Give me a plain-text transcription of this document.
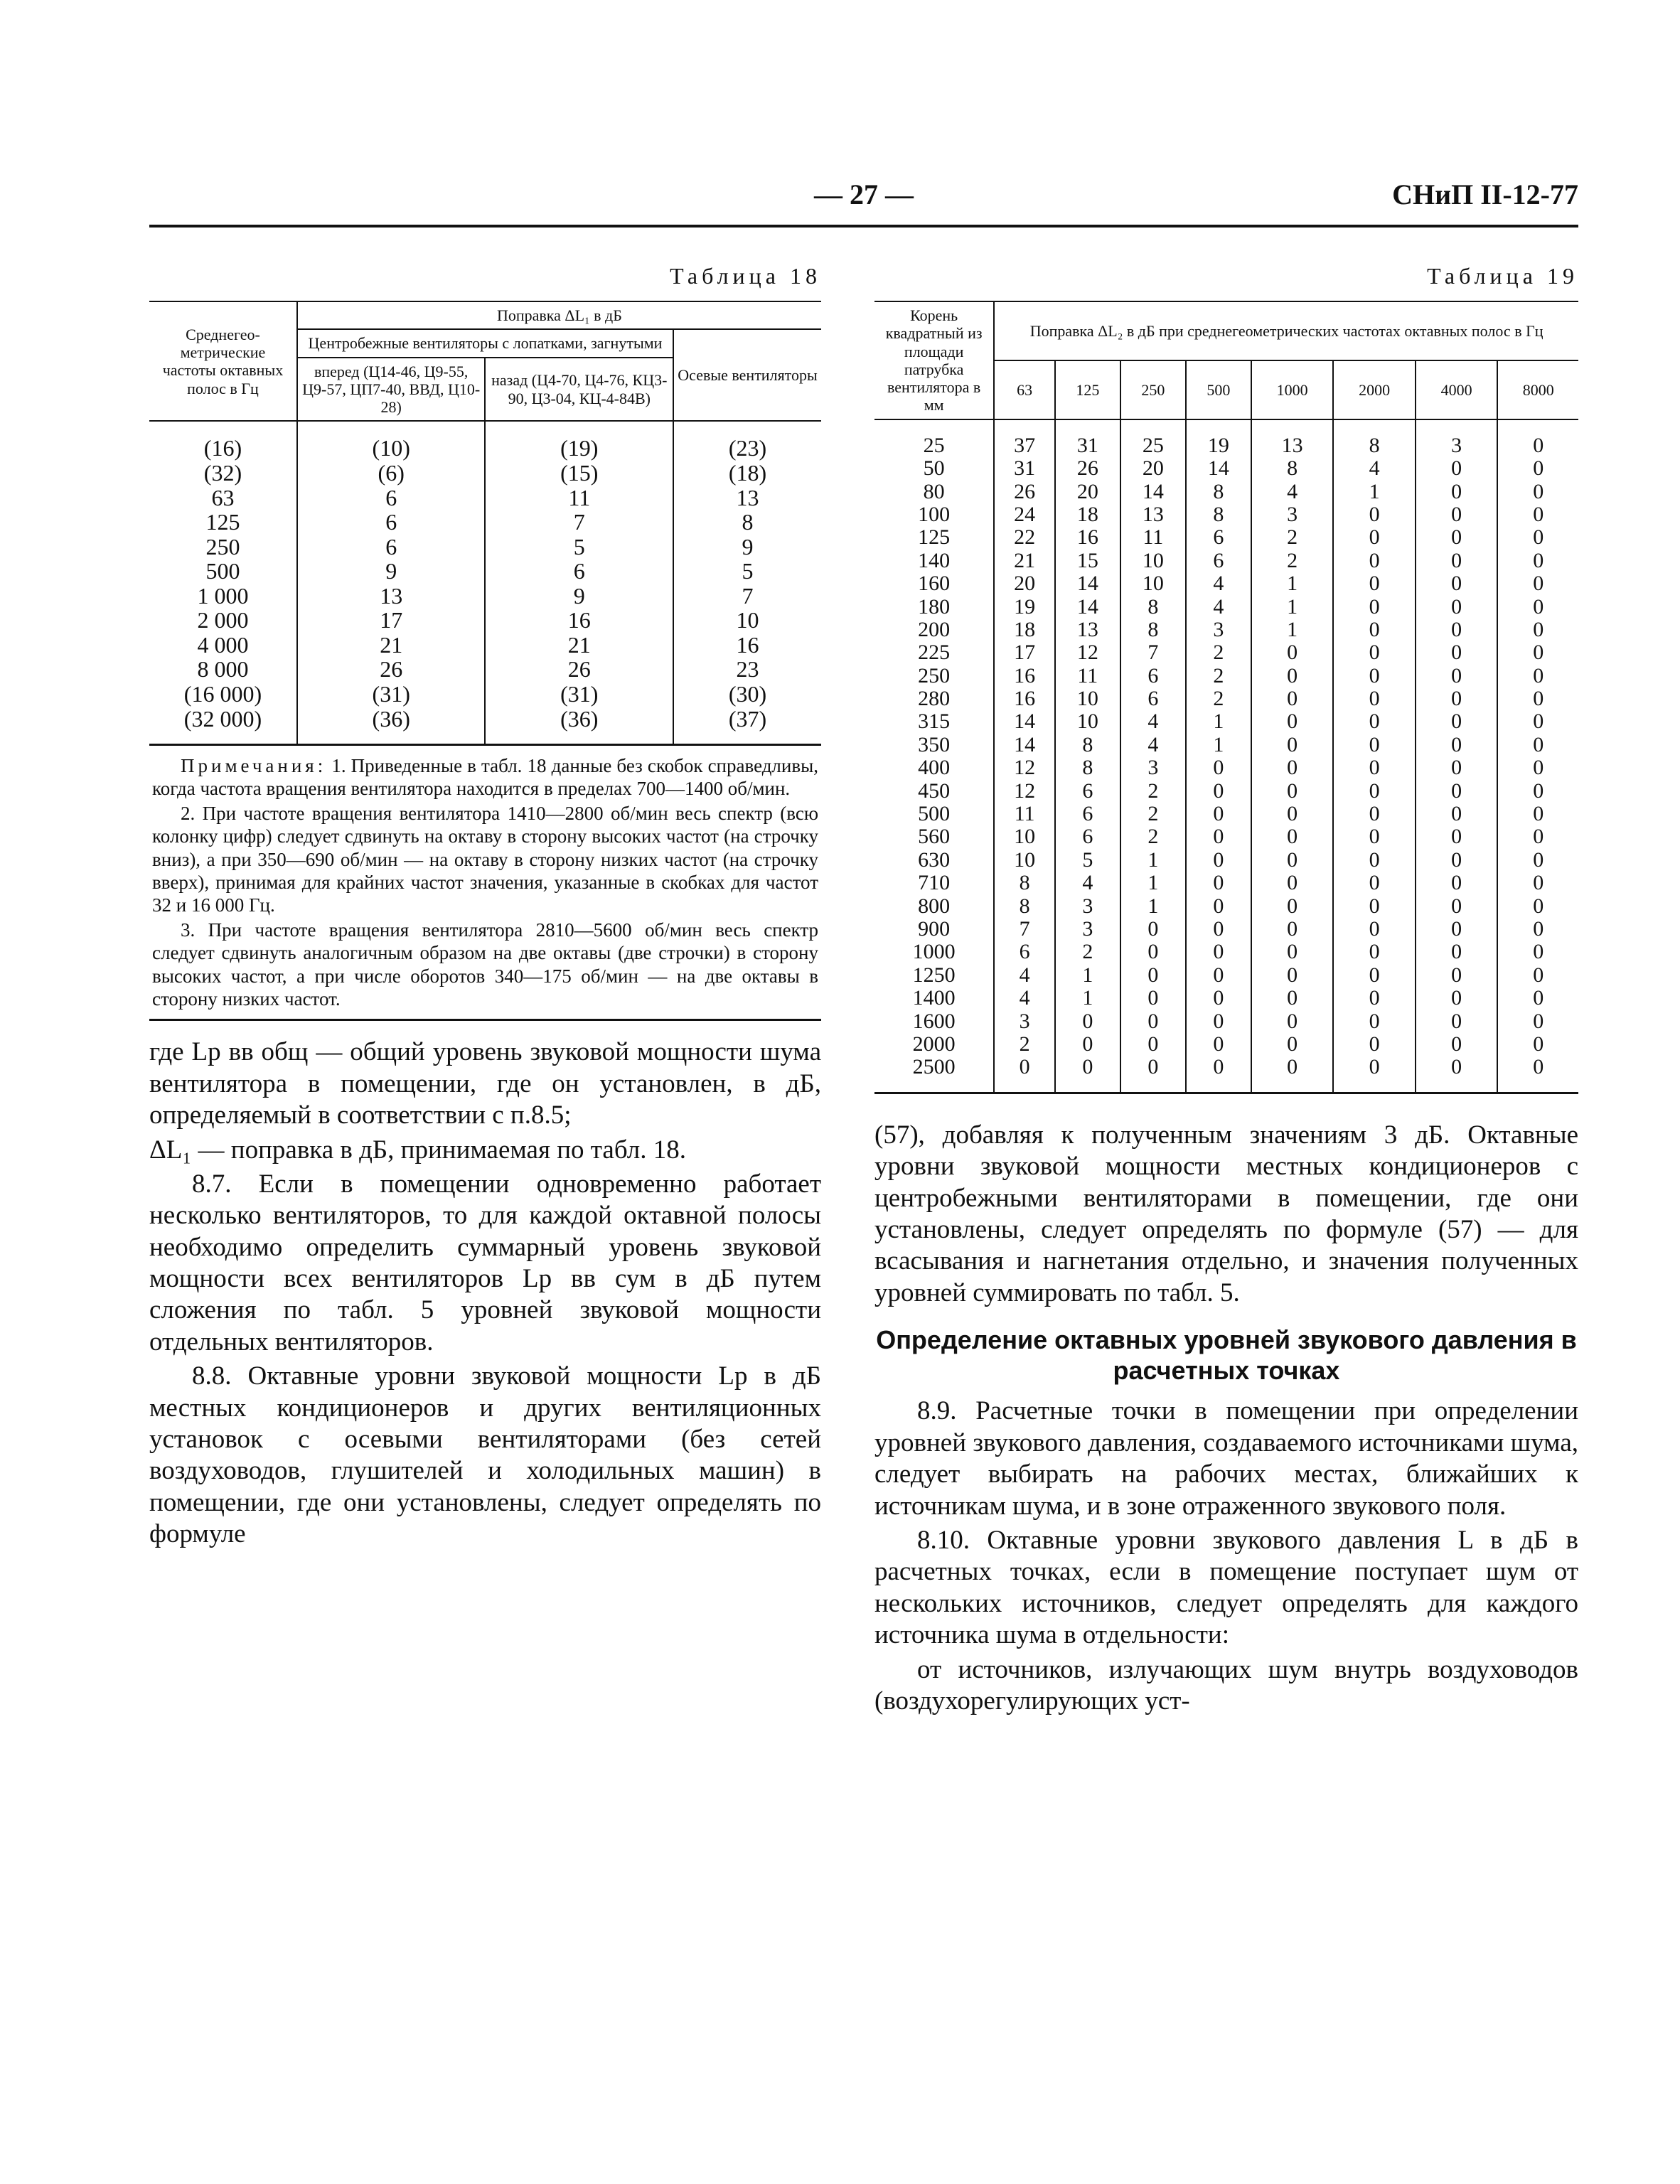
— 27 —	СНиП II-12-77
Таблица 18
Среднегео-метрические частоты октавных полос в Гц	Поправка ΔL₁ в дБ		
	Центробежные вентиляторы с лопатками, загнутыми		Осевые вентиляторы
	вперед (Ц14-46, Ц9-55, Ц9-57, ЦП7-40, ВВД, Ц10-28)	назад (Ц4-70, Ц4-76, КЦ3-90, Ц3-04, КЦ-4-84В)	
(16)	(10)	(19)	(23)
(32)	(6)	(15)	(18)
63	6	11	13
125	6	7	8
250	6	5	9
500	9	6	5
1 000	13	9	7
2 000	17	16	10
4 000	21	21	16
8 000	26	26	23
(16 000)	(31)	(31)	(30)
(32 000)	(36)	(36)	(37)

Примечания: 1. Приведенные в табл. 18 данные без скобок справедливы, когда частота вращения вентилятора находится в пределах 700—1400 об/мин.

2. При частоте вращения вентилятора 1410—2800 об/мин весь спектр (всю колонку цифр) следует сдвинуть на октаву в сторону высоких частот (на строчку вниз), а при 350—690 об/мин — на октаву в сторону низких частот (на строчку вверх), принимая для крайних частот значения, указанные в скобках для частот 32 и 16 000 Гц.

3. При частоте вращения вентилятора 2810—5600 об/мин весь спектр следует сдвинуть аналогичным образом на две октавы (две строчки) в сторону высоких частот, а при числе оборотов 340—175 об/мин — на две октавы в сторону низких частот.

где Lр вв общ — общий уровень звуковой мощности шума вентилятора в помещении, где он установлен, в дБ, определяемый в соответствии с п.8.5;

ΔL₁ — поправка в дБ, принимаемая по табл. 18.

8.7. Если в помещении одновременно работает несколько вентиляторов, то для каждой октавной полосы необходимо определить суммарный уровень звуковой мощности всех вентиляторов Lр вв сум в дБ путем сложения по табл. 5 уровней звуковой мощности отдельных вентиляторов.

8.8. Октавные уровни звуковой мощности Lр в дБ местных кондиционеров и других вентиляционных установок с осевыми вентиляторами (без сетей воздуховодов, глушителей и холодильных машин) в помещении, где они установлены, следует определять по формуле

Таблица 19
Корень квадратный из площади патрубка вентилятора в мм	Поправка ΔL₂ в дБ при среднегеометрических частотах октавных полос в Гц							
	63	125	250	500	1000	2000	4000	8000
25	37	31	25	19	13	8	3	0
50	31	26	20	14	8	4	0	0
80	26	20	14	8	4	1	0	0
100	24	18	13	8	3	0	0	0
125	22	16	11	6	2	0	0	0
140	21	15	10	6	2	0	0	0
160	20	14	10	4	1	0	0	0
180	19	14	8	4	1	0	0	0
200	18	13	8	3	1	0	0	0
225	17	12	7	2	0	0	0	0
250	16	11	6	2	0	0	0	0
280	16	10	6	2	0	0	0	0
315	14	10	4	1	0	0	0	0
350	14	8	4	1	0	0	0	0
400	12	8	3	0	0	0	0	0
450	12	6	2	0	0	0	0	0
500	11	6	2	0	0	0	0	0
560	10	6	2	0	0	0	0	0
630	10	5	1	0	0	0	0	0
710	8	4	1	0	0	0	0	0
800	8	3	1	0	0	0	0	0
900	7	3	0	0	0	0	0	0
1000	6	2	0	0	0	0	0	0
1250	4	1	0	0	0	0	0	0
1400	4	1	0	0	0	0	0	0
1600	3	0	0	0	0	0	0	0
2000	2	0	0	0	0	0	0	0
2500	0	0	0	0	0	0	0	0

(57), добавляя к полученным значениям 3 дБ. Октавные уровни звуковой мощности местных кондиционеров с центробежными вентиляторами в помещении, где они установлены, следует определять по формуле (57) — для всасывания и нагнетания отдельно, и значения полученных уровней суммировать по табл. 5.

Определение октавных уровней звукового давления в расчетных точках

8.9. Расчетные точки в помещении при определении уровней звукового давления, создаваемого источниками шума, следует выбирать на рабочих местах, ближайших к источникам шума, и в зоне отраженного звукового поля.

8.10. Октавные уровни звукового давления L в дБ в расчетных точках, если в помещение поступает шум от нескольких источников, следует определять для каждого источника шума в отдельности:

от источников, излучающих шум внутрь воздуховодов (воздухорегулирующих уст-
